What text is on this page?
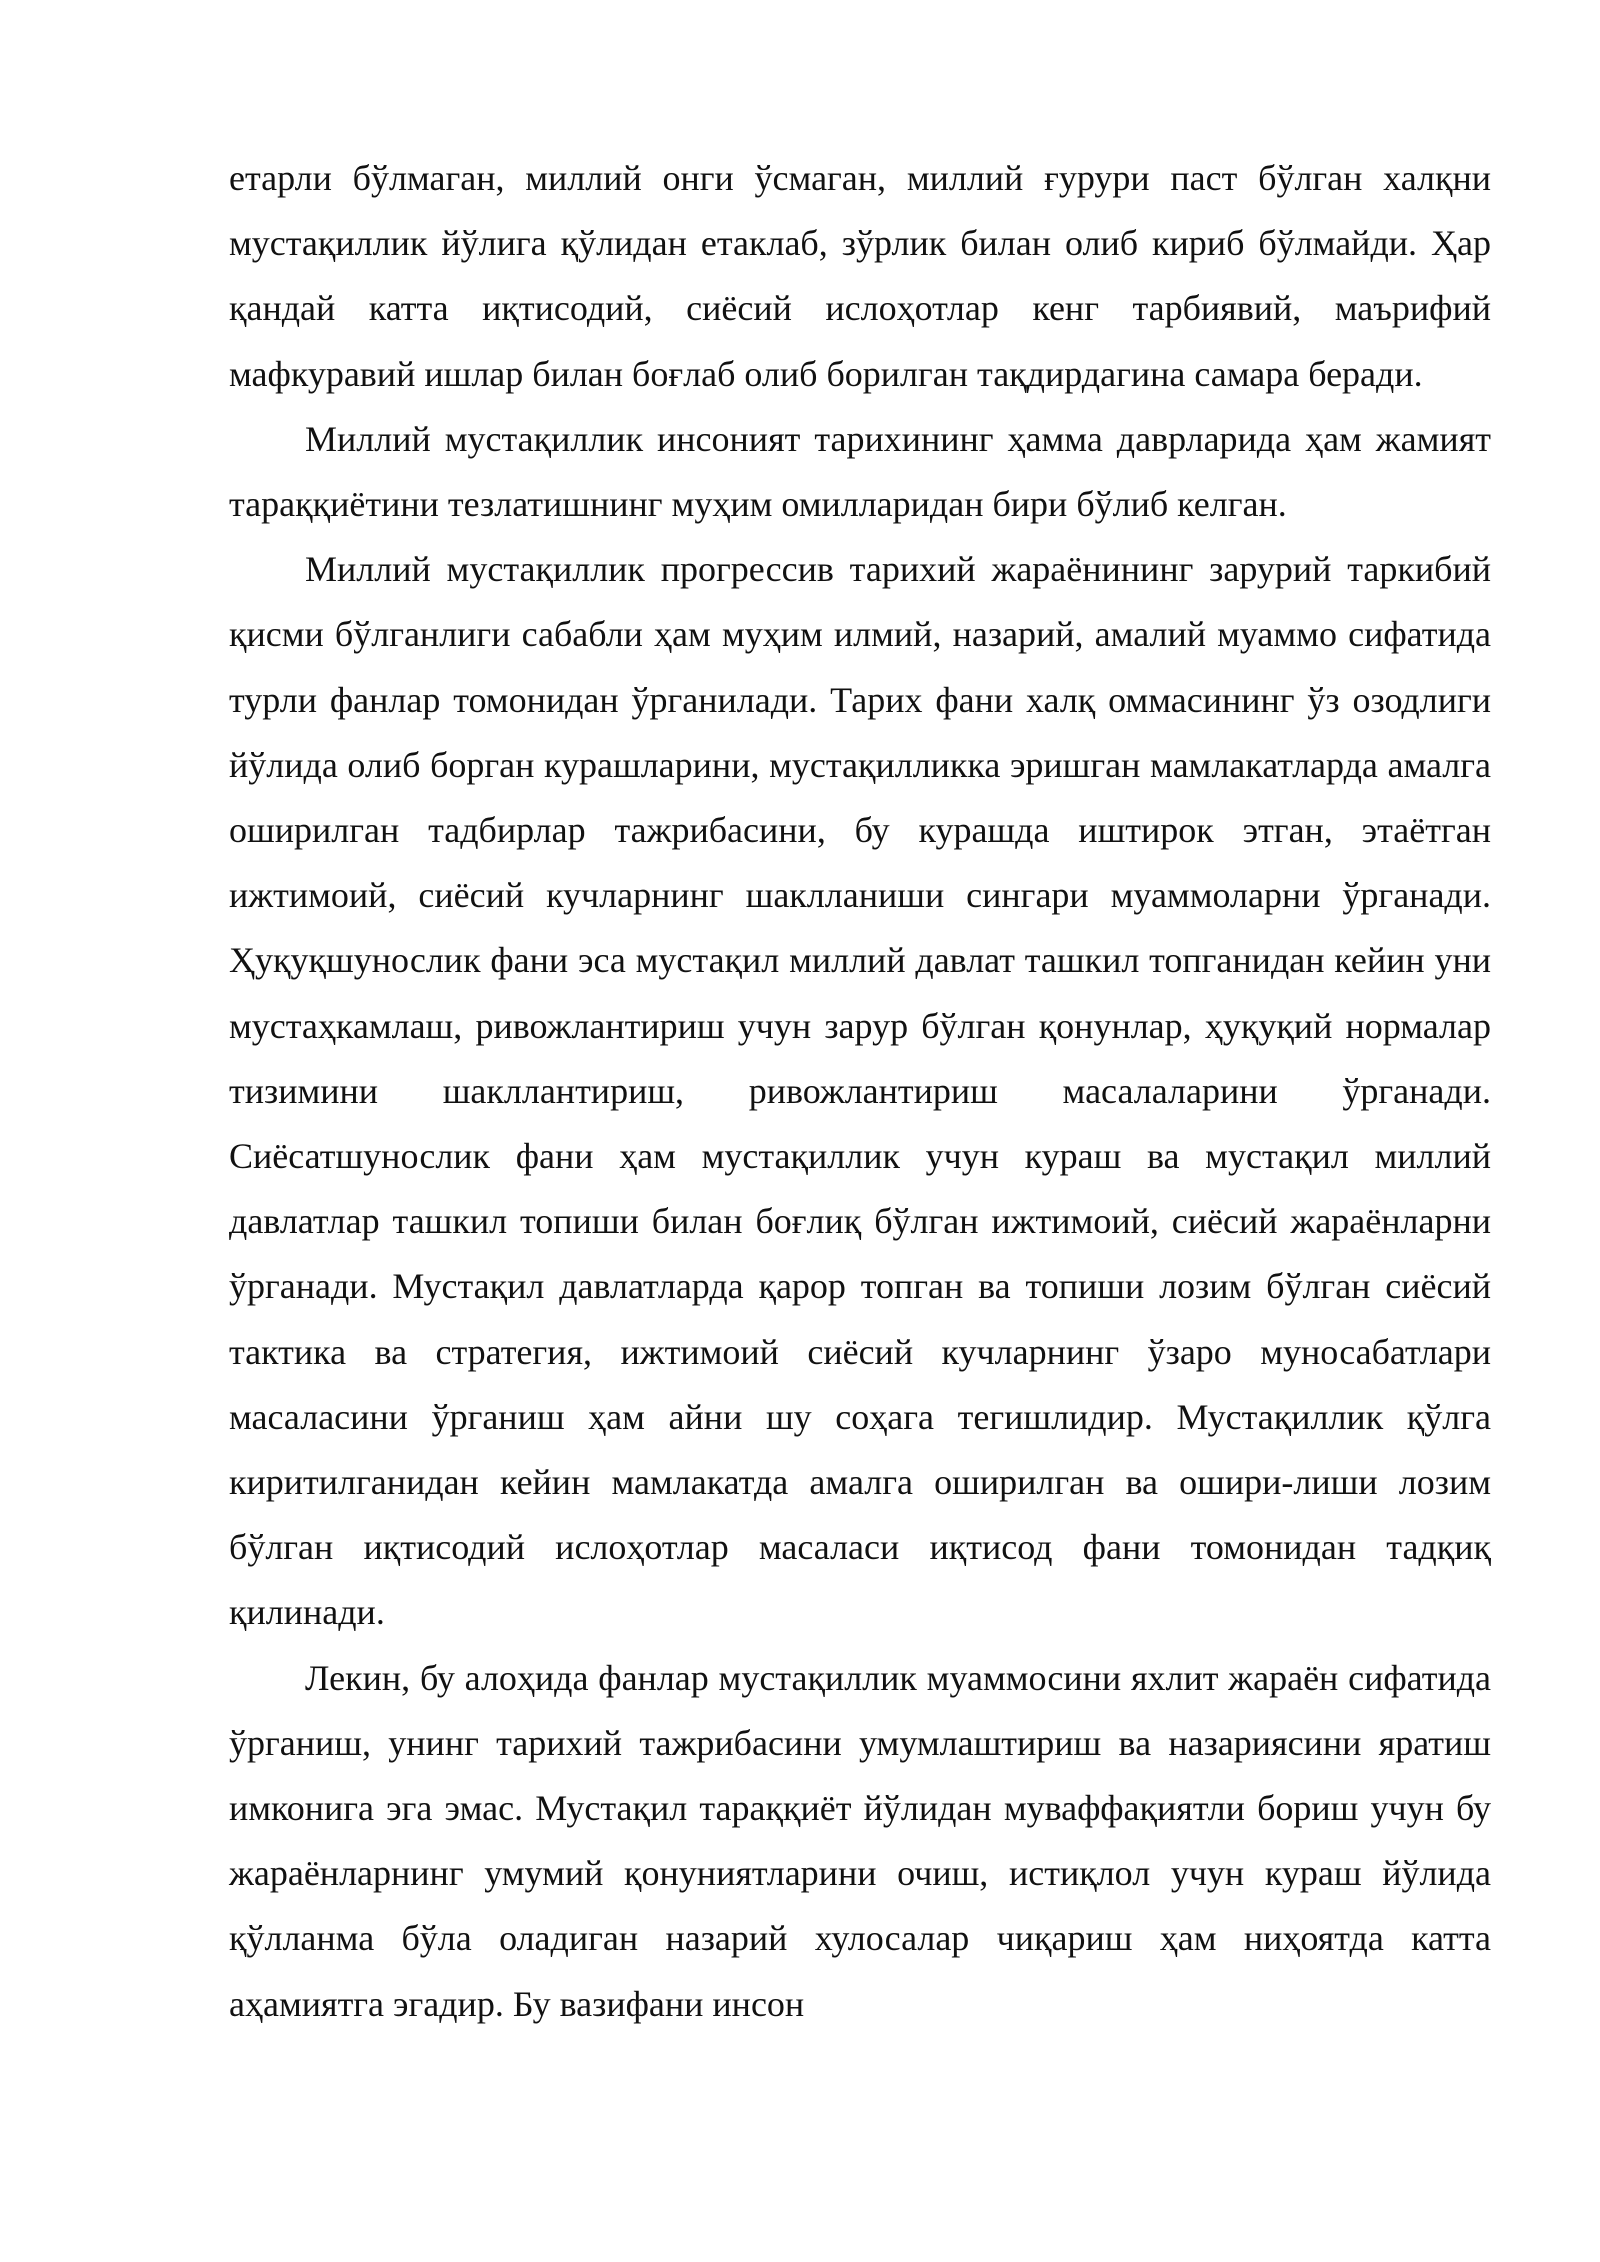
етарли бўлмаган, миллий онги ўсмаган, миллий ғурури паст бўлган халқни мустақиллик йўлига қўлидан етаклаб, зўрлик билан олиб кириб бўлмайди. Ҳар қандай катта иқтисодий, сиёсий ислоҳотлар кенг тарбиявий, маърифий мафкуравий ишлар билан боғлаб олиб борилган тақдирдагина самара беради.

Миллий мустақиллик инсоният тарихининг ҳамма даврларида ҳам жамият тараққиётини тезлатишнинг муҳим омилларидан бири бўлиб келган.

Миллий мустақиллик прогрессив тарихий жараёнининг зарурий таркибий қисми бўлганлиги сабабли ҳам муҳим илмий, назарий, амалий муаммо сифатида турли фанлар томонидан ўрганилади. Тарих фани халқ оммасининг ўз озодлиги йўлида олиб борган курашларини, мустақилликка эришган мамлакатларда амалга оширилган тадбирлар тажрибасини, бу курашда иштирок этган, этаётган ижтимоий, сиёсий кучларнинг шаклланиши сингари муаммоларни ўрганади. Ҳуқуқшунослик фани эса мустақил миллий давлат ташкил топганидан кейин уни мустаҳкамлаш, ривожлантириш учун зарур бўлган қонунлар, ҳуқуқий нормалар тизимини шакллантириш, ривожлантириш масалаларини ўрганади. Сиёсатшунослик фани ҳам мустақиллик учун кураш ва мустақил миллий давлатлар ташкил топиши билан боғлиқ бўлган ижтимоий, сиёсий жараёнларни ўрганади. Мустақил давлатларда қарор топган ва топиши лозим бўлган сиёсий тактика ва стратегия, ижтимоий сиёсий кучларнинг ўзаро муносабатлари масаласини ўрганиш ҳам айни шу соҳага тегишлидир. Мустақиллик қўлга киритилганидан кейин мамлакатда амалга оширилган ва ошири-лиши лозим бўлган иқтисодий ислоҳотлар масаласи иқтисод фани томонидан тадқиқ қилинади.

Лекин, бу алоҳида фанлар мустақиллик муаммосини яхлит жараён сифатида ўрганиш, унинг тарихий тажрибасини умумлаштириш ва назариясини яратиш имконига эга эмас. Мустақил тараққиёт йўлидан муваффақиятли бориш учун бу жараёнларнинг умумий қонуниятларини очиш, истиқлол учун кураш йўлида қўлланма бўла оладиган назарий хулосалар чиқариш ҳам ниҳоятда катта аҳамиятга эгадир. Бу вазифани инсон
